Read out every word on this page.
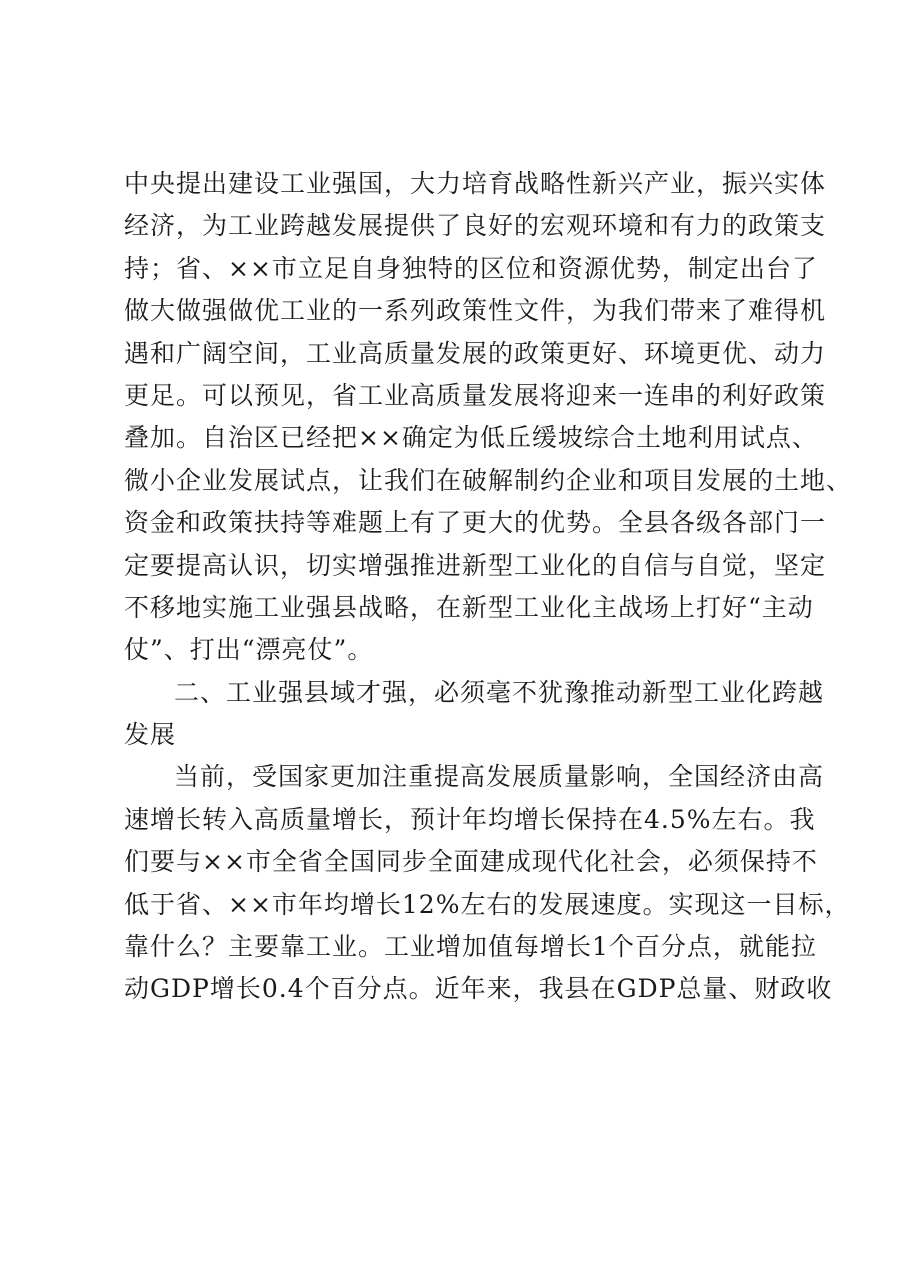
中央提出建设工业强国，大力培育战略性新兴产业，振兴实体
经济，为工业跨越发展提供了良好的宏观环境和有力的政策支
持；省、××市立足自身独特的区位和资源优势，制定出台了
做大做强做优工业的一系列政策性文件，为我们带来了难得机
遇和广阔空间，工业高质量发展的政策更好、环境更优、动力
更足。可以预见，省工业高质量发展将迎来一连串的利好政策
叠加。自治区已经把××确定为低丘缓坡综合土地利用试点、
微小企业发展试点，让我们在破解制约企业和项目发展的土地、
资金和政策扶持等难题上有了更大的优势。全县各级各部门一
定要提高认识，切实增强推进新型工业化的自信与自觉，坚定
不移地实施工业强县战略，在新型工业化主战场上打好“主动
仗”、打出“漂亮仗”。
二、工业强县域才强，必须毫不犹豫推动新型工业化跨越
发展
当前，受国家更加注重提高发展质量影响，全国经济由高
速增长转入高质量增长，预计年均增长保持在4.5%左右。我
们要与××市全省全国同步全面建成现代化社会，必须保持不
低于省、××市年均增长12%左右的发展速度。实现这一目标，
靠什么？主要靠工业。工业增加值每增长1个百分点，就能拉
动GDP增长0.4个百分点。近年来，我县在GDP总量、财政收
